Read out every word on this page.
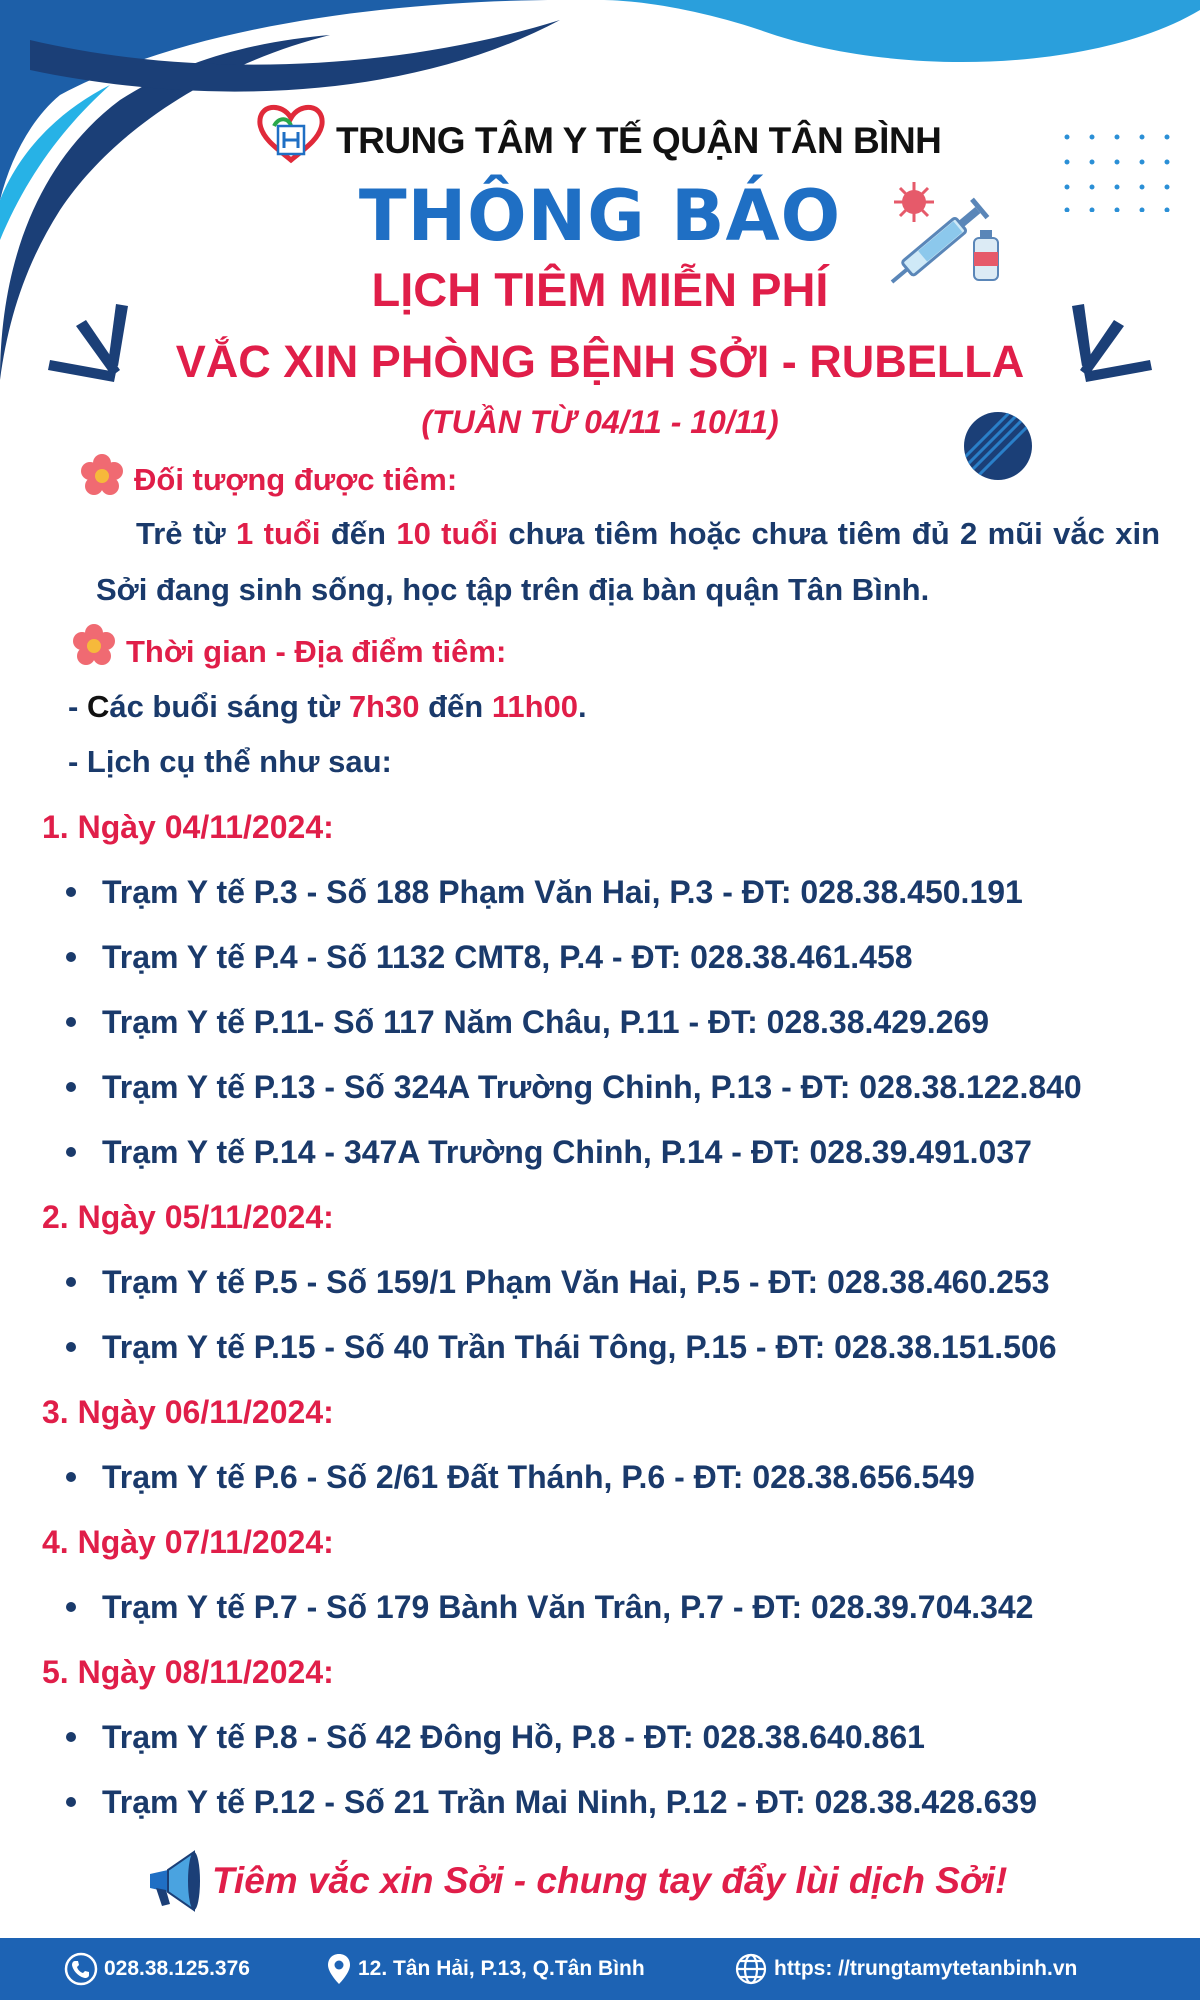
TRUNG TÂM Y TẾ QUẬN TÂN BÌNH
THÔNG BÁO
LỊCH TIÊM MIỄN PHÍ
VẮC XIN PHÒNG BỆNH SỞI - RUBELLA
(TUẦN TỪ 04/11 - 10/11)
Đối tượng được tiêm:
Trẻ từ 1 tuổi đến 10 tuổi chưa tiêm hoặc chưa tiêm đủ 2 mũi vắc xin Sởi đang sinh sống, học tập trên địa bàn quận Tân Bình.
Thời gian - Địa điểm tiêm:
- Các buổi sáng từ 7h30 đến 11h00.
- Lịch cụ thể như sau:
1. Ngày 04/11/2024:
Trạm Y tế P.3 - Số 188 Phạm Văn Hai, P.3 - ĐT: 028.38.450.191
Trạm Y tế P.4 - Số 1132 CMT8, P.4 - ĐT: 028.38.461.458
Trạm Y tế P.11- Số 117 Năm Châu, P.11 - ĐT: 028.38.429.269
Trạm Y tế P.13 - Số 324A Trường Chinh, P.13 - ĐT: 028.38.122.840
Trạm Y tế P.14 - 347A Trường Chinh, P.14 - ĐT: 028.39.491.037
2. Ngày 05/11/2024:
Trạm Y tế P.5 - Số 159/1 Phạm Văn Hai, P.5 - ĐT: 028.38.460.253
Trạm Y tế P.15 - Số 40 Trần Thái Tông, P.15 - ĐT: 028.38.151.506
3. Ngày 06/11/2024:
Trạm Y tế P.6 - Số 2/61 Đất Thánh, P.6 - ĐT: 028.38.656.549
4. Ngày 07/11/2024:
Trạm Y tế P.7 - Số 179 Bành Văn Trân, P.7 - ĐT: 028.39.704.342
5. Ngày 08/11/2024:
Trạm Y tế P.8 - Số 42 Đông Hồ, P.8 - ĐT: 028.38.640.861
Trạm Y tế P.12 - Số 21 Trần Mai Ninh, P.12 - ĐT: 028.38.428.639
Tiêm vắc xin Sởi - chung tay đẩy lùi dịch Sởi!
028.38.125.376	12. Tân Hải, P.13, Q.Tân Bình	https: //trungtamytetanbinh.vn
